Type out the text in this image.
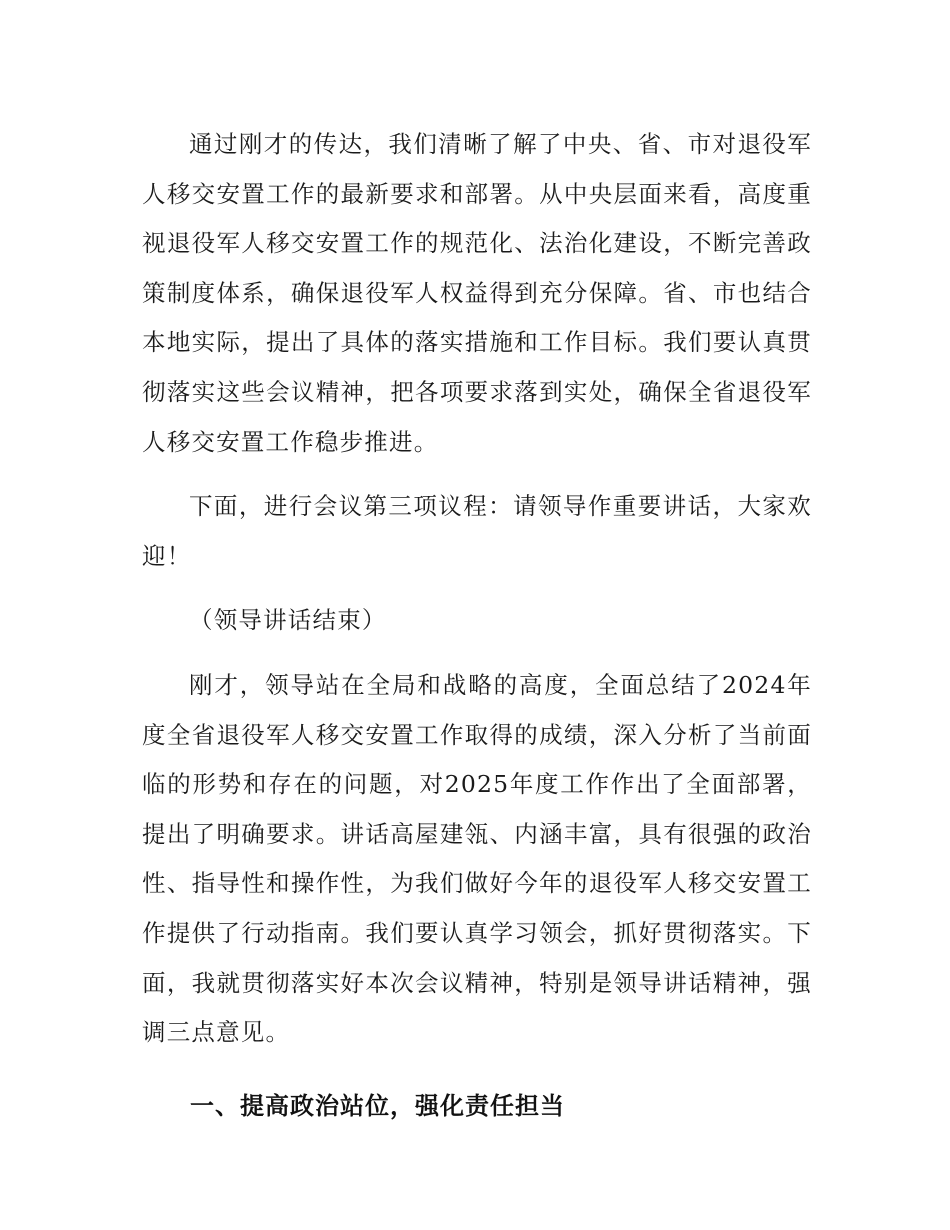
通过刚才的传达，我们清晰了解了中央、省、市对退役军人移交安置工作的最新要求和部署。从中央层面来看，高度重视退役军人移交安置工作的规范化、法治化建设，不断完善政策制度体系，确保退役军人权益得到充分保障。省、市也结合本地实际，提出了具体的落实措施和工作目标。我们要认真贯彻落实这些会议精神，把各项要求落到实处，确保全省退役军人移交安置工作稳步推进。

下面，进行会议第三项议程：请领导作重要讲话，大家欢迎！

（领导讲话结束）

刚才，领导站在全局和战略的高度，全面总结了2024年度全省退役军人移交安置工作取得的成绩，深入分析了当前面临的形势和存在的问题，对2025年度工作作出了全面部署，提出了明确要求。讲话高屋建瓴、内涵丰富，具有很强的政治性、指导性和操作性，为我们做好今年的退役军人移交安置工作提供了行动指南。我们要认真学习领会，抓好贯彻落实。下面，我就贯彻落实好本次会议精神，特别是领导讲话精神，强调三点意见。

一、提高政治站位，强化责任担当
